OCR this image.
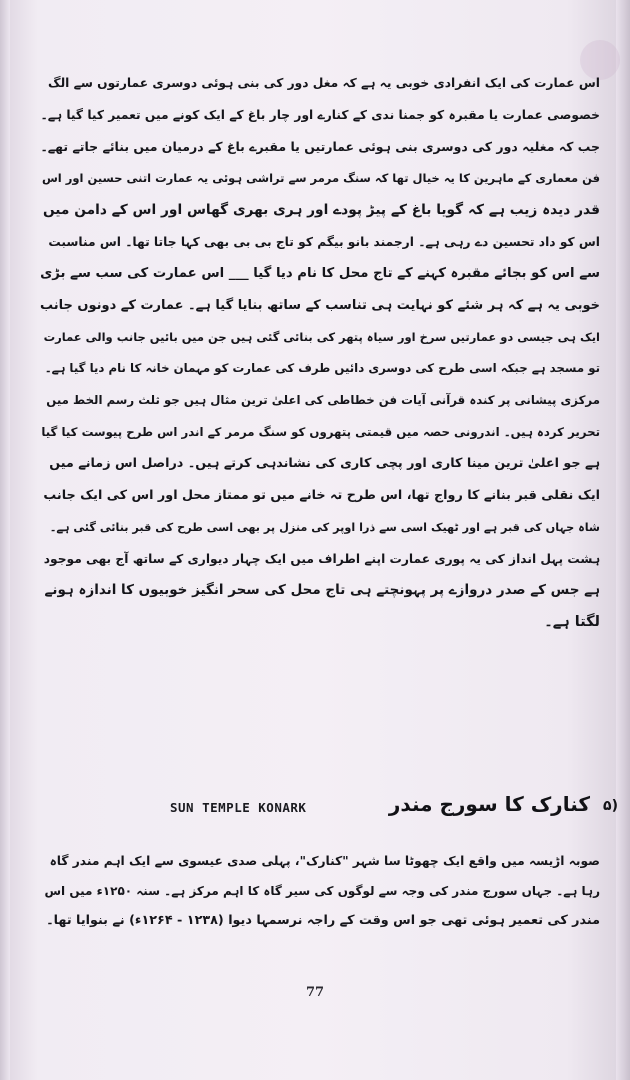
اس عمارت کی ایک انفرادی خوبی یہ ہے کہ مغل دور کی بنی ہوئی دوسری عمارتوں سے الگ
خصوصی عمارت یا مقبرہ کو جمنا ندی کے کنارے اور چار باغ کے ایک کونے میں تعمیر کیا گیا ہے۔
جب کہ مغلیہ دور کی دوسری بنی ہوئی عمارتیں یا مقبرے باغ کے درمیان میں بنائے جاتے تھے۔
فن معماری کے ماہرین کا یہ خیال تھا کہ سنگ مرمر سے تراشی ہوئی یہ عمارت اتنی حسین اور اس
قدر دیدہ زیب ہے کہ گویا باغ کے پیڑ پودے اور ہری بھری گھاس اور اس کے دامن میں
اس کو داد تحسین دے رہی ہے۔ ارجمند بانو بیگم کو تاج بی بی بھی کہا جاتا تھا۔ اس مناسبت
سے اس کو بجائے مقبرہ کہنے کے تاج محل کا نام دیا گیا ___ اس عمارت کی سب سے بڑی
خوبی یہ ہے کہ ہر شئے کو نہایت ہی تناسب کے ساتھ بنایا گیا ہے۔ عمارت کے دونوں جانب
ایک ہی جیسی دو عمارتیں سرخ اور سیاہ پتھر کی بنائی گئی ہیں جن میں بائیں جانب والی عمارت
تو مسجد ہے جبکہ اسی طرح کی دوسری دائیں طرف کی عمارت کو مہمان خانہ کا نام دیا گیا ہے۔
مرکزی پیشانی پر کندہ قرآنی آیات فن خطاطی کی اعلیٰ ترین مثال ہیں جو ثلث رسم الخط میں
تحریر کردہ ہیں۔ اندرونی حصہ میں قیمتی پتھروں کو سنگ مرمر کے اندر اس طرح پیوست کیا گیا
ہے جو اعلیٰ ترین مینا کاری اور پچی کاری کی نشاندہی کرتے ہیں۔ دراصل اس زمانے میں
ایک نقلی قبر بنانے کا رواج تھا، اس طرح تہ خانے میں تو ممتاز محل اور اس کی ایک جانب
شاہ جہاں کی قبر ہے اور ٹھیک اسی سے ذرا اوپر کی منزل پر بھی اسی طرح کی قبر بنائی گئی ہے۔
ہشت پہل انداز کی یہ پوری عمارت اپنے اطراف میں ایک چہار دیواری کے ساتھ آج بھی موجود
ہے جس کے صدر دروازے پر پہونچتے ہی تاج محل کی سحر انگیز خوبیوں کا اندازہ ہونے
لگتا ہے۔
SUN TEMPLE KONARK	کنارک کا سورج مندر ۵)
صوبہ اڑیسہ میں واقع ایک چھوٹا سا شہر "کنارک"، پہلی صدی عیسوی سے ایک اہم مندر گاہ
رہا ہے۔ جہاں سورج مندر کی وجہ سے لوگوں کی سیر گاہ کا اہم مرکز ہے۔ سنہ ۱۲۵۰ء میں اس
مندر کی تعمیر ہوئی تھی جو اس وقت کے راجہ نرسمہا دیوا (۱۲۳۸ - ۱۲۶۴ء) نے بنوایا تھا۔
77
